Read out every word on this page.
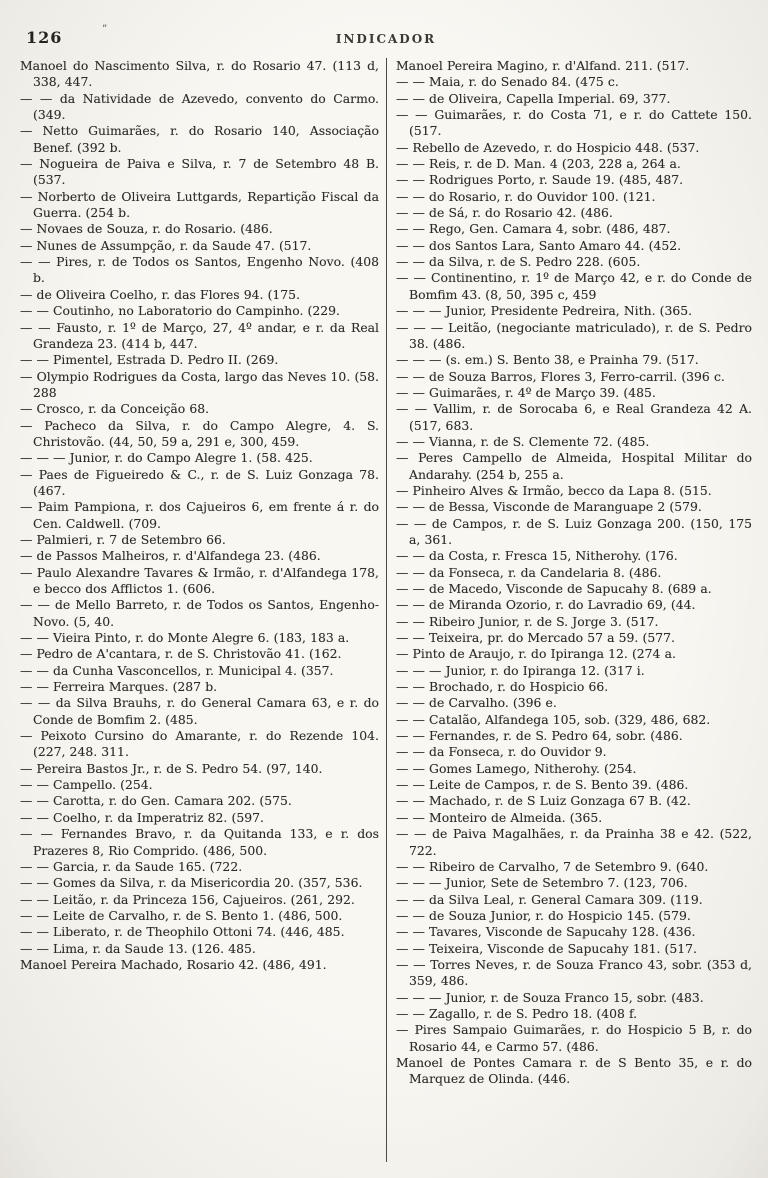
126	”
INDICADOR

Manoel do Nascimento Silva, r. do Rosario 47. (113 d, 338, 447.

— — da Natividade de Azevedo, convento do Carmo. (349.

— Netto Guimarães, r. do Rosario 140, Associação Benef. (392 b.

— Nogueira de Paiva e Silva, r. 7 de Setembro 48 B. (537.

— Norberto de Oliveira Luttgards, Repartição Fiscal da Guerra. (254 b.

— Novaes de Souza, r. do Rosario. (486.

— Nunes de Assumpção, r. da Saude 47. (517.

— — Pires, r. de Todos os Santos, Engenho Novo. (408 b.

— de Oliveira Coelho, r. das Flores 94. (175.

— — Coutinho, no Laboratorio do Campinho. (229.

— — Fausto, r. 1º de Março, 27, 4º andar, e r. da Real Grandeza 23. (414 b, 447.

— — Pimentel, Estrada D. Pedro II. (269.

— Olympio Rodrigues da Costa, largo das Neves 10. (58. 288

— Crosco, r. da Conceição 68.

— Pacheco da Silva, r. do Campo Alegre, 4. S. Christovão. (44, 50, 59 a, 291 e, 300, 459.

— — — Junior, r. do Campo Alegre 1. (58. 425.

— Paes de Figueiredo & C., r. de S. Luiz Gonzaga 78. (467.

— Paim Pampiona, r. dos Cajueiros 6, em frente á r. do Cen. Caldwell. (709.

— Palmieri, r. 7 de Setembro 66.

— de Passos Malheiros, r. d'Alfandega 23. (486.

— Paulo Alexandre Tavares & Irmão, r. d'Alfandega 178, e becco dos Afflictos 1. (606.

— — de Mello Barreto, r. de Todos os Santos, Engenho-Novo. (5, 40.

— — Vieira Pinto, r. do Monte Alegre 6. (183, 183 a.

— Pedro de A'cantara, r. de S. Christovão 41. (162.

— — da Cunha Vasconcellos, r. Municipal 4. (357.

— — Ferreira Marques. (287 b.

— — da Silva Brauhs, r. do General Camara 63, e r. do Conde de Bomfim 2. (485.

— Peixoto Cursino do Amarante, r. do Rezende 104. (227, 248. 311.

— Pereira Bastos Jr., r. de S. Pedro 54. (97, 140.

— — Campello. (254.

— — Carotta, r. do Gen. Camara 202. (575.

— — Coelho, r. da Imperatriz 82. (597.

— — Fernandes Bravo, r. da Quitanda 133, e r. dos Prazeres 8, Rio Comprido. (486, 500.

— — Garcia, r. da Saude 165. (722.

— — Gomes da Silva, r. da Misericordia 20. (357, 536.

— — Leitão, r. da Princeza 156, Cajueiros. (261, 292.

— — Leite de Carvalho, r. de S. Bento 1. (486, 500.

— — Liberato, r. de Theophilo Ottoni 74. (446, 485.

— — Lima, r. da Saude 13. (126. 485.

Manoel Pereira Machado, Rosario 42. (486, 491.

Manoel Pereira Magino, r. d'Alfand. 211. (517.

— — Maia, r. do Senado 84. (475 c.

— — de Oliveira, Capella Imperial. 69, 377.

— — Guimarães, r. do Costa 71, e r. do Cattete 150. (517.

— Rebello de Azevedo, r. do Hospicio 448. (537.

— — Reis, r. de D. Man. 4 (203, 228 a, 264 a.

— — Rodrigues Porto, r. Saude 19. (485, 487.

— — do Rosario, r. do Ouvidor 100. (121.

— — de Sá, r. do Rosario 42. (486.

— — Rego, Gen. Camara 4, sobr. (486, 487.

— — dos Santos Lara, Santo Amaro 44. (452.

— — da Silva, r. de S. Pedro 228. (605.

— — Continentino, r. 1º de Março 42, e r. do Conde de Bomfim 43. (8, 50, 395 c, 459

— — — Junior, Presidente Pedreira, Nith. (365.

— — — Leitão, (negociante matriculado), r. de S. Pedro 38. (486.

— — — (s. em.) S. Bento 38, e Prainha 79. (517.

— — de Souza Barros, Flores 3, Ferro-carril. (396 c.

— — Guimarães, r. 4º de Março 39. (485.

— — Vallim, r. de Sorocaba 6, e Real Grandeza 42 A. (517, 683.

— — Vianna, r. de S. Clemente 72. (485.

— Peres Campello de Almeida, Hospital Militar do Andarahy. (254 b, 255 a.

— Pinheiro Alves & Irmão, becco da Lapa 8. (515.

— — de Bessa, Visconde de Maranguape 2 (579.

— — de Campos, r. de S. Luiz Gonzaga 200. (150, 175 a, 361.

— — da Costa, r. Fresca 15, Nitherohy. (176.

— — da Fonseca, r. da Candelaria 8. (486.

— — de Macedo, Visconde de Sapucahy 8. (689 a.

— — de Miranda Ozorio, r. do Lavradio 69, (44.

— — Ribeiro Junior, r. de S. Jorge 3. (517.

— — Teixeira, pr. do Mercado 57 a 59. (577.

— Pinto de Araujo, r. do Ipiranga 12. (274 a.

— — — Junior, r. do Ipiranga 12. (317 i.

— — Brochado, r. do Hospicio 66.

— — de Carvalho. (396 e.

— — Catalão, Alfandega 105, sob. (329, 486, 682.

— — Fernandes, r. de S. Pedro 64, sobr. (486.

— — da Fonseca, r. do Ouvidor 9.

— — Gomes Lamego, Nitherohy. (254.

— — Leite de Campos, r. de S. Bento 39. (486.

— — Machado, r. de S Luiz Gonzaga 67 B. (42.

— — Monteiro de Almeida. (365.

— — de Paiva Magalhães, r. da Prainha 38 e 42. (522, 722.

— — Ribeiro de Carvalho, 7 de Setembro 9. (640.

— — — Junior, Sete de Setembro 7. (123, 706.

— — da Silva Leal, r. General Camara 309. (119.

— — de Souza Junior, r. do Hospicio 145. (579.

— — Tavares, Visconde de Sapucahy 128. (436.

— — Teixeira, Visconde de Sapucahy 181. (517.

— — Torres Neves, r. de Souza Franco 43, sobr. (353 d, 359, 486.

— — — Junior, r. de Souza Franco 15, sobr. (483.

— — Zagallo, r. de S. Pedro 18. (408 f.

— Pires Sampaio Guimarães, r. do Hospicio 5 B, r. do Rosario 44, e Carmo 57. (486.

Manoel de Pontes Camara r. de S Bento 35, e r. do Marquez de Olinda. (446.
